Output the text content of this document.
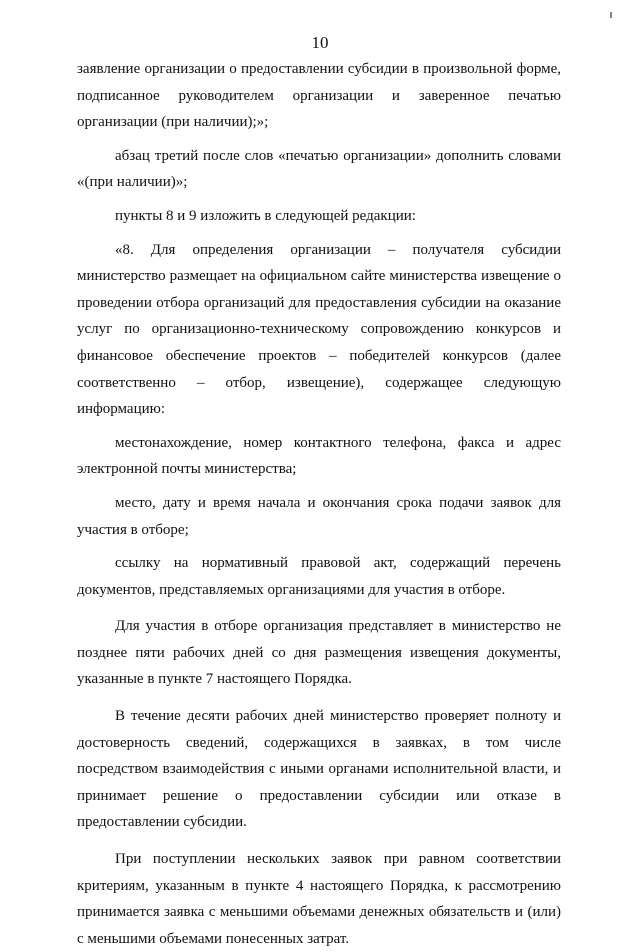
10

заявление организации о предоставлении субсидии в произвольной форме, подписанное руководителем организации и заверенное печатью организации (при наличии);»;

абзац третий после слов «печатью организации» дополнить словами «(при наличии)»;

пункты 8 и 9 изложить в следующей редакции:

«8. Для определения организации – получателя субсидии министерство размещает на официальном сайте министерства извещение о проведении отбора организаций для предоставления субсидии на оказание услуг по организационно-техническому сопровождению конкурсов и финансовое обеспечение проектов – победителей конкурсов (далее соответственно – отбор, извещение), содержащее следующую информацию:

местонахождение, номер контактного телефона, факса и адрес электронной почты министерства;

место, дату и время начала и окончания срока подачи заявок для участия в отборе;

ссылку на нормативный правовой акт, содержащий перечень документов, представляемых организациями для участия в отборе.

Для участия в отборе организация представляет в министерство не позднее пяти рабочих дней со дня размещения извещения документы, указанные в пункте 7 настоящего Порядка.

В течение десяти рабочих дней министерство проверяет полноту и достоверность сведений, содержащихся в заявках, в том числе посредством взаимодействия с иными органами исполнительной власти, и принимает решение о предоставлении субсидии или отказе в предоставлении субсидии.

При поступлении нескольких заявок при равном соответствии критериям, указанным в пункте 4 настоящего Порядка, к рассмотрению принимается заявка с меньшими объемами денежных обязательств и (или) с меньшими объемами понесенных затрат.
